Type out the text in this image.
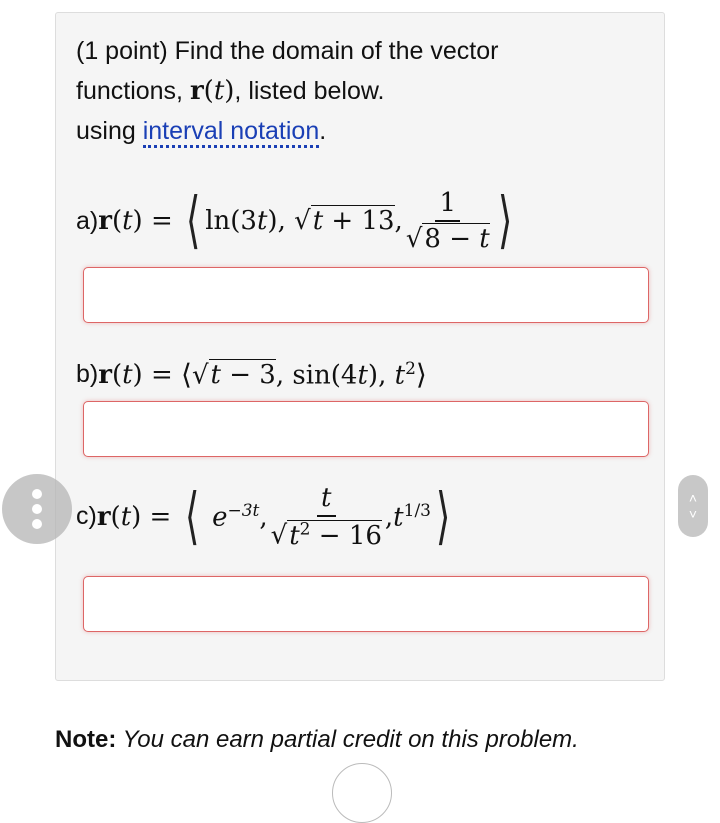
(1 point) Find the domain of the vector
functions, r(t), listed below.
using interval notation.
a) r ( t ) = ⟨ ln(3t), √t + 13, $\frac{1}{√8 - t}$ ⟩
b) r ( t ) = ⟨ √t − 3, sin(4t), $t^2$ ⟩
c) r ( t ) = ⟨ $e^{-3t}$, $\frac{t}{√t^2 - 16} ,t^{1/3}$ ⟩
Note: You can earn partial credit on this problem.
˄
˅
